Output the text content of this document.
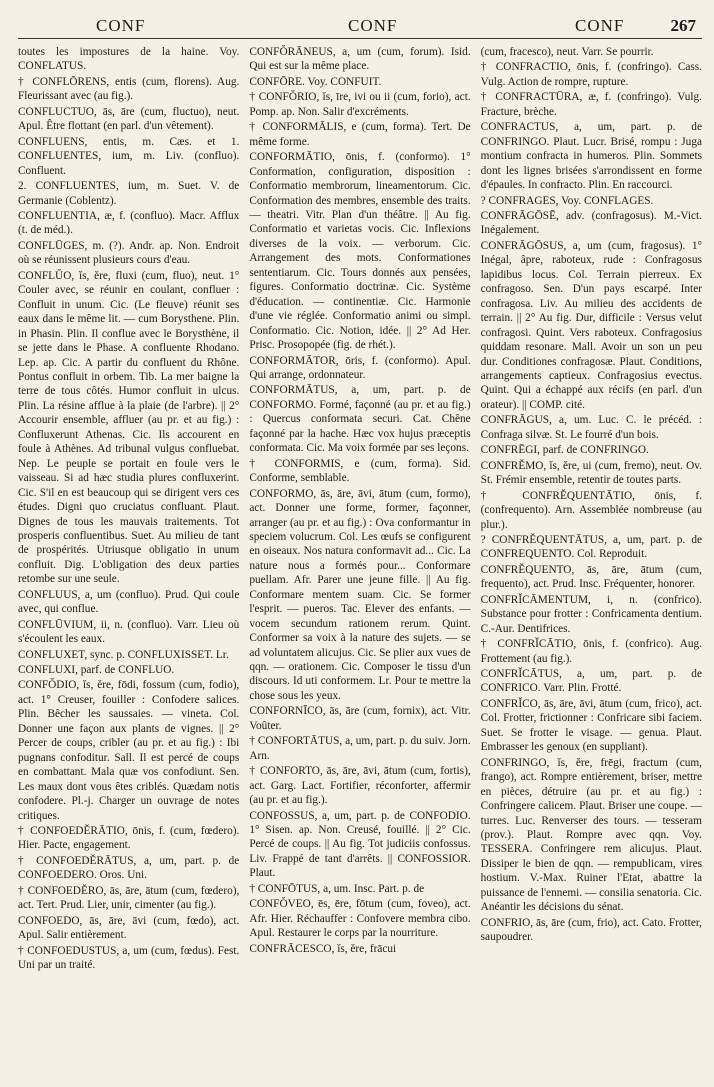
CONF	CONF	CONF	267

toutes les impostures de la haine. Voy. CONFLATUS.

† CONFLŌRENS, entis (cum, florens). Aug. Fleurissant avec (au fig.).

CONFLUCTUO, ās, āre (cum, fluctuo), neut. Apul. Être flottant (en parl. d'un vêtement).

CONFLUENS, entis, m. Cæs. et 1. CONFLUENTES, ium, m. Liv. (confluo). Confluent.

2. CONFLUENTES, ium, m. Suet. V. de Germanie (Coblentz).

CONFLUENTIA, æ, f. (confluo). Macr. Afflux (t. de méd.).

CONFLŪGES, m. (?). Andr. ap. Non. Endroit où se réunissent plusieurs cours d'eau.

CONFLŬO, ĭs, ĕre, fluxi (cum, fluo), neut. 1° Couler avec, se réunir en coulant, confluer : Confluit in unum. Cic. (Le fleuve) réunit ses eaux dans le même lit. — cum Borysthene. Plin. in Phasin. Plin. Il conflue avec le Borysthène, il se jette dans le Phase. A confluente Rhodano. Lep. ap. Cic. A partir du confluent du Rhône. Pontus confluit in orbem. Tib. La mer baigne la terre de tous côtés. Humor confluit in ulcus. Plin. La résine afflue à la plaie (de l'arbre). || 2° Accourir ensemble, affluer (au pr. et au fig.) : Confluxerunt Athenas. Cic. Ils accourent en foule à Athènes. Ad tribunal vulgus confluebat. Nep. Le peuple se portait en foule vers le vaisseau. Si ad hæc studia plures confluxerint. Cic. S'il en est beaucoup qui se dirigent vers ces études. Digni quo cruciatus confluant. Plaut. Dignes de tous les mauvais traitements. Tot prosperis confluentibus. Suet. Au milieu de tant de prospérités. Utriusque obligatio in unum confluit. Dig. L'obligation des deux parties retombe sur une seule.

CONFLUUS, a, um (confluo). Prud. Qui coule avec, qui conflue.

CONFLŪVIUM, ii, n. (confluo). Varr. Lieu où s'écoulent les eaux.

CONFLUXET, sync. p. CONFLUXISSET. Lr.

CONFLUXI, parf. de CONFLUO.

CONFŎDIO, ĭs, ĕre, fōdi, fossum (cum, fodio), act. 1° Creuser, fouiller : Confodere salices. Plin. Bêcher les saussaies. — vineta. Col. Donner une façon aux plants de vignes. || 2° Percer de coups, cribler (au pr. et au fig.) : Ibi pugnans confoditur. Sall. Il est percé de coups en combattant. Mala quæ vos confodiunt. Sen. Les maux dont vous êtes criblés. Quædam notis confodere. Pl.-j. Charger un ouvrage de notes critiques.

† CONFOEDĔRĀTIO, ōnis, f. (cum, fœdero). Hier. Pacte, engagement.

† CONFOEDĔRĀTUS, a, um, part. p. de CONFOEDERO. Oros. Uni.

† CONFOEDĔRO, ās, āre, ātum (cum, fœdero), act. Tert. Prud. Lier, unir, cimenter (au fig.).

CONFOEDO, ās, āre, āvi (cum, fœdo), act. Apul. Salir entièrement.

† CONFOEDUSTUS, a, um (cum, fœdus). Fest. Uni par un traité.

CONFŎRĀNEUS, a, um (cum, forum). Isid. Qui est sur la même place.

CONFŌRE. Voy. CONFUIT.

† CONFŎRIO, ĭs, īre, ivi ou ii (cum, forio), act. Pomp. ap. Non. Salir d'excréments.

† CONFORMĀLIS, e (cum, forma). Tert. De même forme.

CONFORMĀTIO, ōnis, f. (conformo). 1° Conformation, configuration, disposition : Conformatio membrorum, lineamentorum. Cic. Conformation des membres, ensemble des traits. — theatri. Vitr. Plan d'un théâtre. || Au fig. Conformatio et varietas vocis. Cic. Inflexions diverses de la voix. — verborum. Cic. Arrangement des mots. Conformationes sententiarum. Cic. Tours donnés aux pensées, figures. Conformatio doctrinæ. Cic. Système d'éducation. — continentiæ. Cic. Harmonie d'une vie réglée. Conformatio animi ou simpl. Conformatio. Cic. Notion, idée. || 2° Ad Her. Prisc. Prosopopée (fig. de rhét.).

CONFORMĀTOR, ōris, f. (conformo). Apul. Qui arrange, ordonnateur.

CONFORMĀTUS, a, um, part. p. de CONFORMO. Formé, façonné (au pr. et au fig.) : Quercus conformata securi. Cat. Chêne façonné par la hache. Hæc vox hujus præceptis conformata. Cic. Ma voix formée par ses leçons.

† CONFORMIS, e (cum, forma). Sid. Conforme, semblable.

CONFORMO, ās, āre, āvi, ātum (cum, formo), act. Donner une forme, former, façonner, arranger (au pr. et au fig.) : Ova conformantur in speciem volucrum. Col. Les œufs se configurent en oiseaux. Nos natura conformavit ad... Cic. La nature nous a formés pour... Conformare puellam. Afr. Parer une jeune fille. || Au fig. Conformare mentem suam. Cic. Se former l'esprit. — pueros. Tac. Elever des enfants. — vocem secundum rationem rerum. Quint. Conformer sa voix à la nature des sujets. — se ad voluntatem alicujus. Cic. Se plier aux vues de qqn. — orationem. Cic. Composer le tissu d'un discours. Id uti conformem. Lr. Pour te mettre la chose sous les yeux.

CONFORNĪCO, ās, āre (cum, fornix), act. Vitr. Voûter.

† CONFORTĀTUS, a, um, part. p. du suiv. Jorn. Arn.

† CONFORTO, ās, āre, āvi, ātum (cum, fortis), act. Garg. Lact. Fortifier, réconforter, affermir (au pr. et au fig.).

CONFOSSUS, a, um, part. p. de CONFODIO. 1° Sisen. ap. Non. Creusé, fouillé. || 2° Cic. Percé de coups. || Au fig. Tot judiciis confossus. Liv. Frappé de tant d'arrêts. || CONFOSSIOR. Plaut.

† CONFŌTUS, a, um. Insc. Part. p. de

CONFŎVEO, ēs, ēre, fōtum (cum, foveo), act. Afr. Hier. Réchauffer : Confovere membra cibo. Apul. Restaurer le corps par la nourriture.

CONFRĀCESCO, ĭs, ĕre, frācui

(cum, fracesco), neut. Varr. Se pourrir.

† CONFRACTIO, ōnis, f. (confringo). Cass. Vulg. Action de rompre, rupture.

† CONFRACTŪRA, æ, f. (confringo). Vulg. Fracture, brèche.

CONFRACTUS, a, um, part. p. de CONFRINGO. Plaut. Lucr. Brisé, rompu : Juga montium confracta in humeros. Plin. Sommets dont les lignes brisées s'arrondissent en forme d'épaules. In confracto. Plin. En raccourci.

? CONFRAGES, Voy. CONFLAGES.

CONFRĀGŌSĒ, adv. (confragosus). M.-Vict. Inégalement.

CONFRĀGŌSUS, a, um (cum, fragosus). 1° Inégal, âpre, raboteux, rude : Confragosus lapidibus locus. Col. Terrain pierreux. Ex confragoso. Sen. D'un pays escarpé. Inter confragosa. Liv. Au milieu des accidents de terrain. || 2° Au fig. Dur, difficile : Versus velut confragosi. Quint. Vers raboteux. Confragosius quiddam resonare. Mall. Avoir un son un peu dur. Conditiones confragosæ. Plaut. Conditions, arrangements captieux. Confragosius evectus. Quint. Qui a échappé aux récifs (en parl. d'un orateur). || COMP. cité.

CONFRĀGUS, a, um. Luc. C. le précéd. : Confraga silvæ. St. Le fourré d'un bois.

CONFRĒGI, parf. de CONFRINGO.

CONFRĔMO, ĭs, ĕre, ui (cum, fremo), neut. Ov. St. Frémir ensemble, retentir de toutes parts.

† CONFRĔQUENTĀTIO, ōnis, f. (confrequento). Arn. Assemblée nombreuse (au plur.).

? CONFRĔQUENTĀTUS, a, um, part. p. de CONFREQUENTO. Col. Reproduit.

CONFRĔQUENTO, ās, āre, ātum (cum, frequento), act. Prud. Insc. Fréquenter, honorer.

CONFRĬCĀMENTUM, i, n. (confrico). Substance pour frotter : Confricamenta dentium. C.-Aur. Dentifrices.

† CONFRĬCĀTIO, ōnis, f. (confrico). Aug. Frottement (au fig.).

CONFRĬCĀTUS, a, um, part. p. de CONFRICO. Varr. Plin. Frotté.

CONFRĬCO, ās, āre, āvi, ātum (cum, frico), act. Col. Frotter, frictionner : Confricare sibi faciem. Suet. Se frotter le visage. — genua. Plaut. Embrasser les genoux (en suppliant).

CONFRINGO, ĭs, ĕre, frēgi, fractum (cum, frango), act. Rompre entièrement, briser, mettre en pièces, détruire (au pr. et au fig.) : Confringere calicem. Plaut. Briser une coupe. — turres. Luc. Renverser des tours. — tesseram (prov.). Plaut. Rompre avec qqn. Voy. TESSERA. Confringere rem alicujus. Plaut. Dissiper le bien de qqn. — rempublicam, vires hostium. V.-Max. Ruiner l'Etat, abattre la puissance de l'ennemi. — consilia senatoria. Cic. Anéantir les décisions du sénat.

CONFRIO, ās, āre (cum, frio), act. Cato. Frotter, saupoudrer.
